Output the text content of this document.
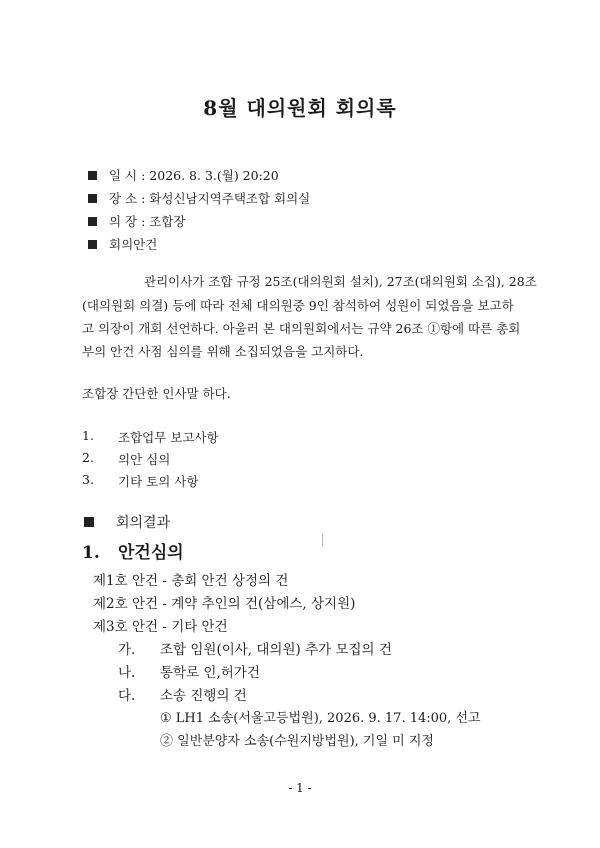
8월 대의원회 회의록
일 시 : 2026. 8. 3.(월) 20:20
장 소 : 화성신남지역주택조합 회의실
의 장 : 조합장
회의안건
관리이사가 조합 규정 25조(대의원회 설치), 27조(대의원회 소집), 28조
(대의원회 의결) 등에 따라 전체 대의원중 9인 참석하여 성원이 되었음을 보고하
고 의장이 개회 선언하다. 아울러 본 대의원회에서는 규약 26조 ①항에 따른 총회
부의 안건 사점 심의를 위해 소집되었음을 고지하다.
조합장 간단한 인사말 하다.
1. 조합업무 보고사항
2. 의안 심의
3. 기타 토의 사항
회의결과
1. 안건심의
제1호 안건 - 총회 안건 상정의 건
제2호 안건 - 계약 추인의 건(삼에스, 상지원)
제3호 안건 - 기타 안건
가. 조합 임원(이사, 대의원) 추가 모집의 건
나. 통학로 인,허가건
다. 소송 진행의 건
① LH1 소송(서울고등법원), 2026. 9. 17. 14:00, 선고
② 일반분양자 소송(수원지방법원), 기일 미 지정
- 1 -
